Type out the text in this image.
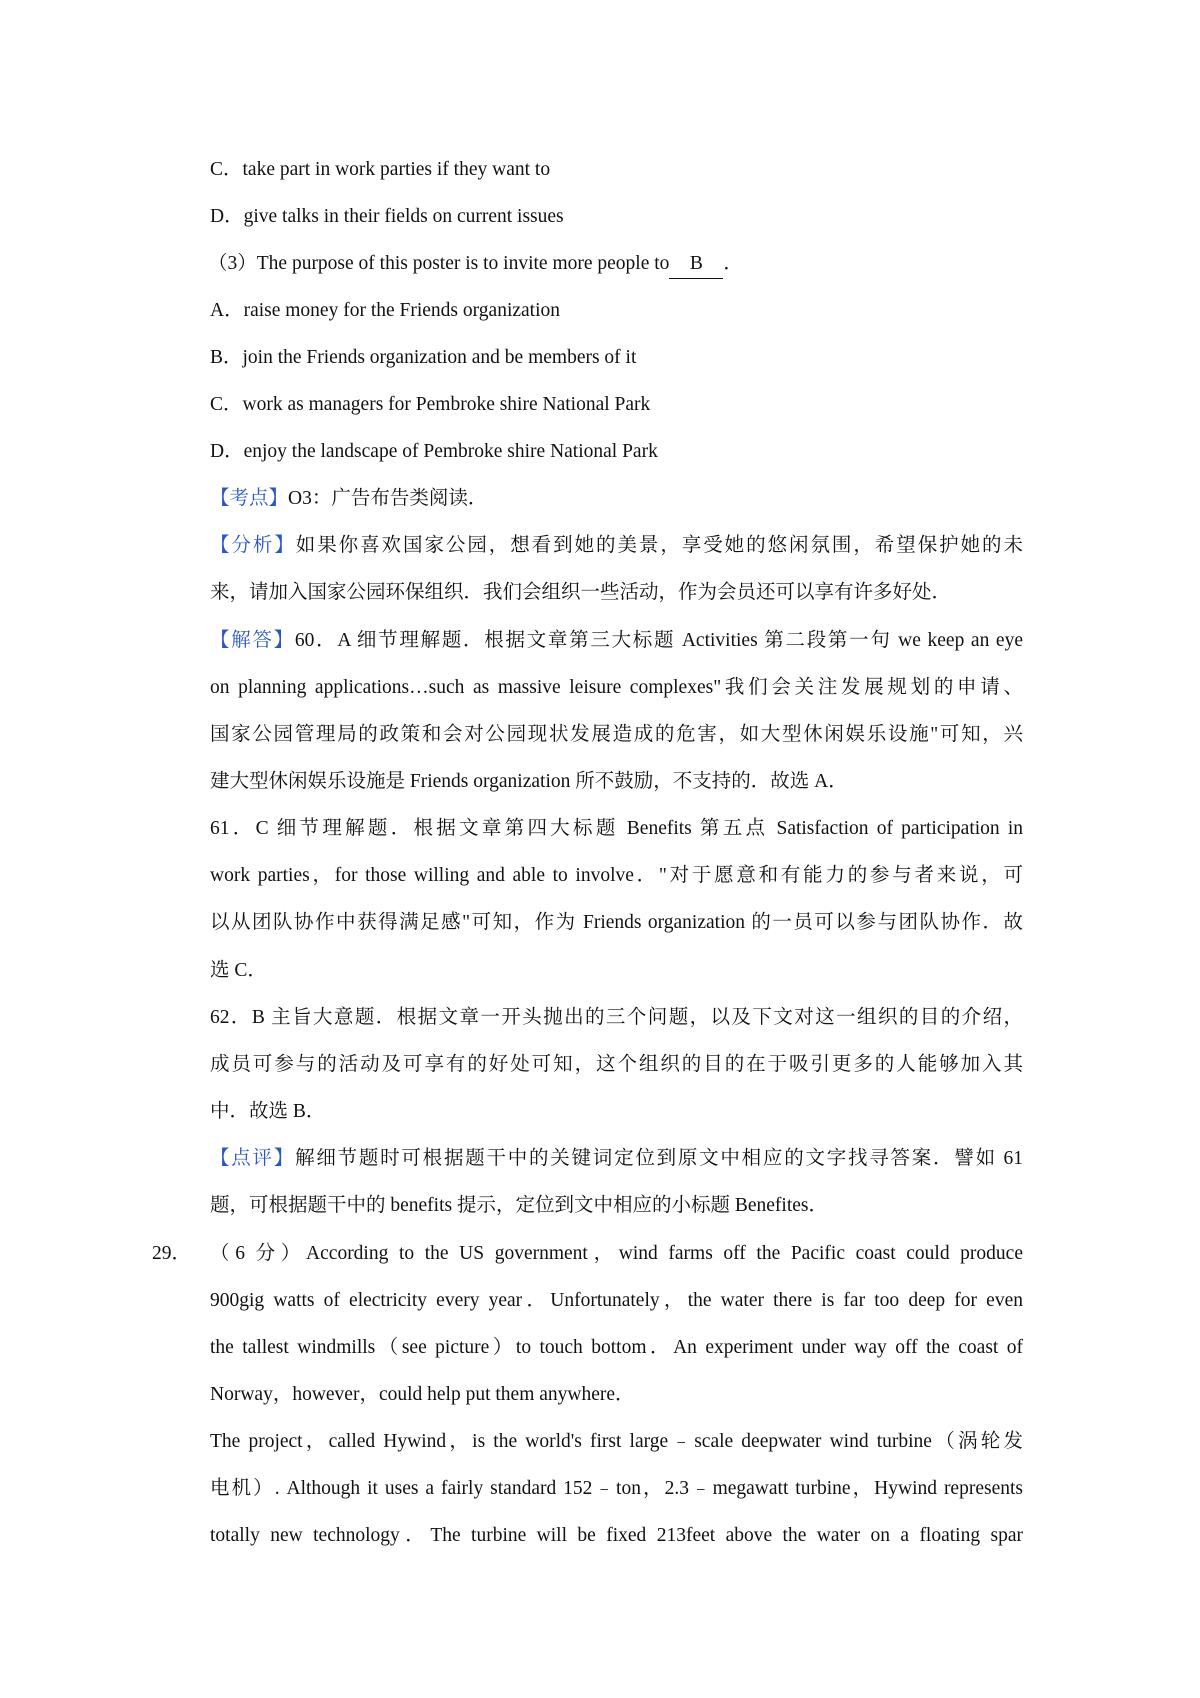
C．take part in work parties if they want to
D．give talks in their fields on current issues
（3）The purpose of this poster is to invite more people to B ．
A．raise money for the Friends organization
B．join the Friends organization and be members of it
C．work as managers for Pembroke shire National Park
D．enjoy the landscape of Pembroke shire National Park
【考点】O3：广告布告类阅读．
【分析】如果你喜欢国家公园，想看到她的美景，享受她的悠闲氛围，希望保护她的未
来，请加入国家公园环保组织．我们会组织一些活动，作为会员还可以享有许多好处．
【解答】60．A 细节理解题．根据文章第三大标题 Activities 第二段第一句 we keep an eye
on planning applications…such as massive leisure complexes"我们会关注发展规划的申请、
国家公园管理局的政策和会对公园现状发展造成的危害，如大型休闲娱乐设施"可知，兴
建大型休闲娱乐设施是 Friends organization 所不鼓励，不支持的．故选 A．
61．C 细节理解题．根据文章第四大标题 Benefits 第五点 Satisfaction of participation in
work parties，for those willing and able to involve．"对于愿意和有能力的参与者来说，可
以从团队协作中获得满足感"可知，作为 Friends organization 的一员可以参与团队协作．故
选 C．
62．B 主旨大意题．根据文章一开头抛出的三个问题，以及下文对这一组织的目的介绍，
成员可参与的活动及可享有的好处可知，这个组织的目的在于吸引更多的人能够加入其
中．故选 B．
【点评】解细节题时可根据题干中的关键词定位到原文中相应的文字找寻答案．譬如 61
题，可根据题干中的 benefits 提示，定位到文中相应的小标题 Benefites．
29． （6 分）According to the US government，wind farms off the Pacific coast could produce
900gig watts of electricity every year．Unfortunately，the water there is far too deep for even
the tallest windmills（see picture）to touch bottom．An experiment under way off the coast of
Norway，however，could help put them anywhere．
The project，called Hywind，is the world's first large﹣scale deepwater wind turbine（涡轮发
电机）. Although it uses a fairly standard 152﹣ton，2.3﹣megawatt turbine，Hywind represents
totally new technology．The turbine will be fixed 213feet above the water on a floating spar
